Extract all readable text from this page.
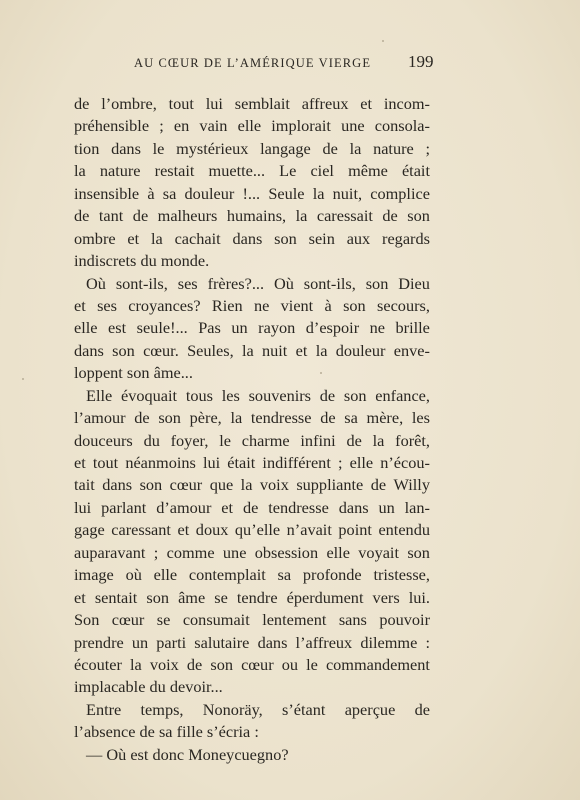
AU CŒUR DE L’AMÉRIQUE VIERGE 199
de l’ombre, tout lui semblait affreux et incom-
préhensible ; en vain elle implorait une consola-
tion dans le mystérieux langage de la nature ;
la nature restait muette... Le ciel même était
insensible à sa douleur !... Seule la nuit, complice
de tant de malheurs humains, la caressait de son
ombre et la cachait dans son sein aux regards
indiscrets du monde.
Où sont-ils, ses frères?... Où sont-ils, son Dieu
et ses croyances? Rien ne vient à son secours,
elle est seule!... Pas un rayon d’espoir ne brille
dans son cœur. Seules, la nuit et la douleur enve-
loppent son âme...
Elle évoquait tous les souvenirs de son enfance,
l’amour de son père, la tendresse de sa mère, les
douceurs du foyer, le charme infini de la forêt,
et tout néanmoins lui était indifférent ; elle n’écou-
tait dans son cœur que la voix suppliante de Willy
lui parlant d’amour et de tendresse dans un lan-
gage caressant et doux qu’elle n’avait point entendu
auparavant ; comme une obsession elle voyait son
image où elle contemplait sa profonde tristesse,
et sentait son âme se tendre éperdument vers lui.
Son cœur se consumait lentement sans pouvoir
prendre un parti salutaire dans l’affreux dilemme :
écouter la voix de son cœur ou le commandement
implacable du devoir...
Entre temps, Nonoräy, s’étant aperçue de
l’absence de sa fille s’écria :
— Où est donc Moneycuegno?
